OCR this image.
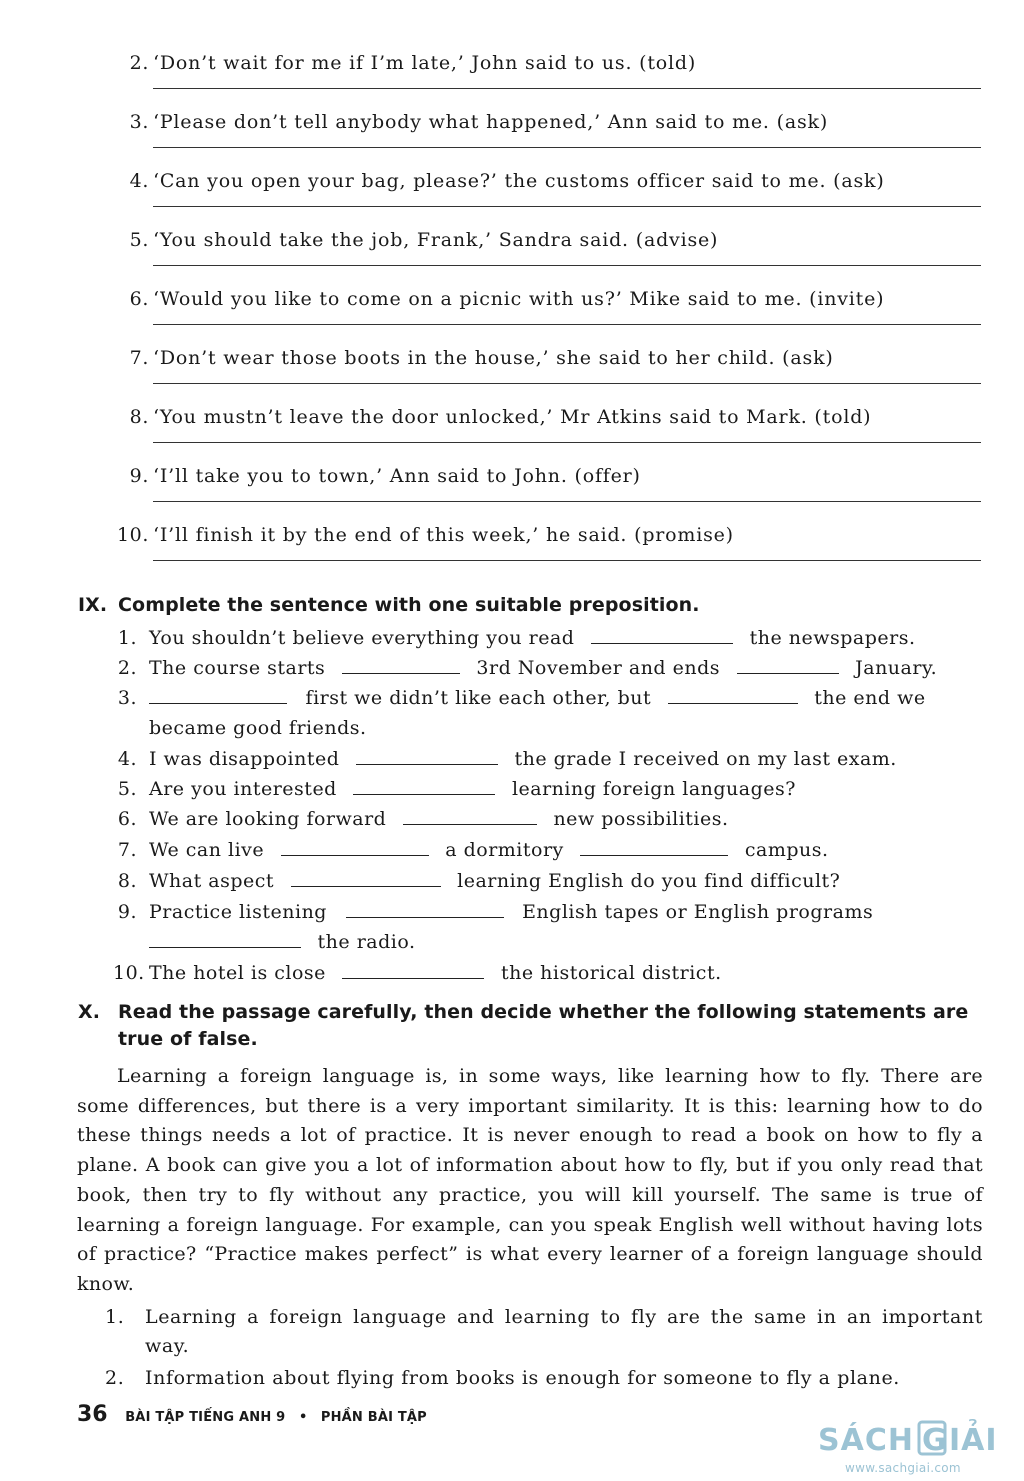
2. ‘Don’t wait for me if I’m late,’ John said to us. (told)
3. ‘Please don’t tell anybody what happened,’ Ann said to me. (ask)
4. ‘Can you open your bag, please?’ the customs officer said to me. (ask)
5. ‘You should take the job, Frank,’ Sandra said. (advise)
6. ‘Would you like to come on a picnic with us?’ Mike said to me. (invite)
7. ‘Don’t wear those boots in the house,’ she said to her child. (ask)
8. ‘You mustn’t leave the door unlocked,’ Mr Atkins said to Mark. (told)
9. ‘I’ll take you to town,’ Ann said to John. (offer)
10. ‘I’ll finish it by the end of this week,’ he said. (promise)
IX. Complete the sentence with one suitable preposition.
1. You shouldn’t believe everything you read	the newspapers.
2. The course starts	3rd November and ends	January.
3.	first we didn’t like each other, but	the end we
became good friends.
4. I was disappointed	the grade I received on my last exam.
5. Are you interested	learning foreign languages?
6. We are looking forward	new possibilities.
7. We can live	a dormitory	campus.
8. What aspect	learning English do you find difficult?
9. Practice listening	English tapes or English programs
the radio.
10. The hotel is close	the historical district.
X. Read the passage carefully, then decide whether the following statements are true of false.

Learning a foreign language is, in some ways, like learning how to fly. There are some differences, but there is a very important similarity. It is this: learning how to do these things needs a lot of practice. It is never enough to read a book on how to fly a plane. A book can give you a lot of information about how to fly, but if you only read that book, then try to fly without any practice, you will kill yourself. The same is true of learning a foreign language. For example, can you speak English well without having lots of practice? “Practice makes perfect” is what every learner of a foreign language should know.

1. Learning a foreign language and learning to fly are the same in an important way.
2. Information about flying from books is enough for someone to fly a plane.
36 BÀI TẬP TIẾNG ANH 9 • PHẦN BÀI TẬP
SÁCH G IẢI
www.sachgiai.com
